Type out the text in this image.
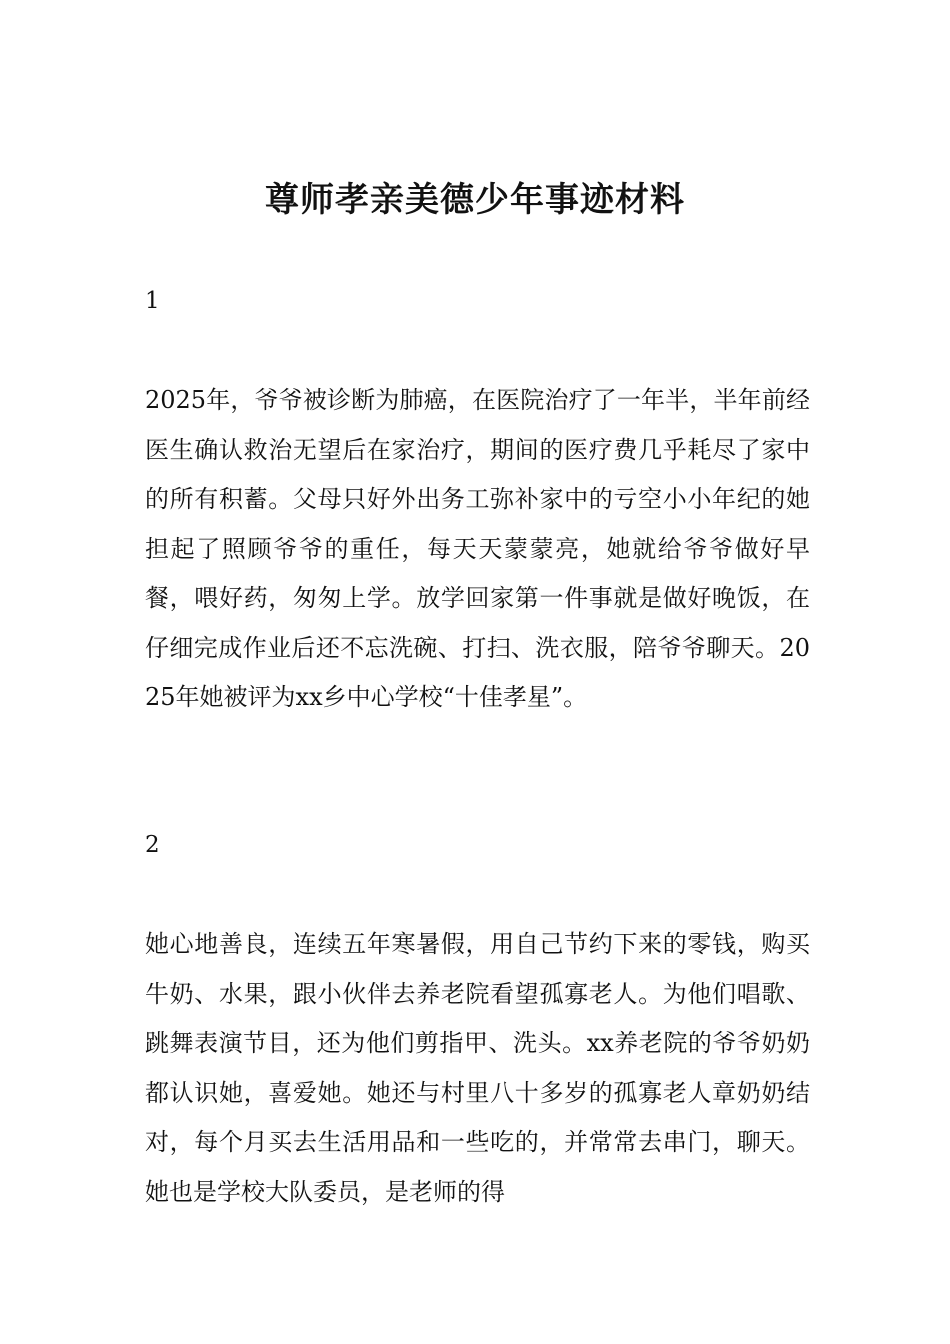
尊师孝亲美德少年事迹材料

1

2025年，爷爷被诊断为肺癌，在医院治疗了一年半，半年前经医生确认救治无望后在家治疗，期间的医疗费几乎耗尽了家中的所有积蓄。父母只好外出务工弥补家中的亏空小小年纪的她担起了照顾爷爷的重任，每天天蒙蒙亮，她就给爷爷做好早餐，喂好药，匆匆上学。放学回家第一件事就是做好晚饭，在仔细完成作业后还不忘洗碗、打扫、洗衣服，陪爷爷聊天。2025年她被评为xx乡中心学校“十佳孝星”。

2

她心地善良，连续五年寒暑假，用自己节约下来的零钱，购买牛奶、水果，跟小伙伴去养老院看望孤寡老人。为他们唱歌、跳舞表演节目，还为他们剪指甲、洗头。xx养老院的爷爷奶奶都认识她，喜爱她。她还与村里八十多岁的孤寡老人章奶奶结对，每个月买去生活用品和一些吃的，并常常去串门，聊天。她也是学校大队委员，是老师的得
